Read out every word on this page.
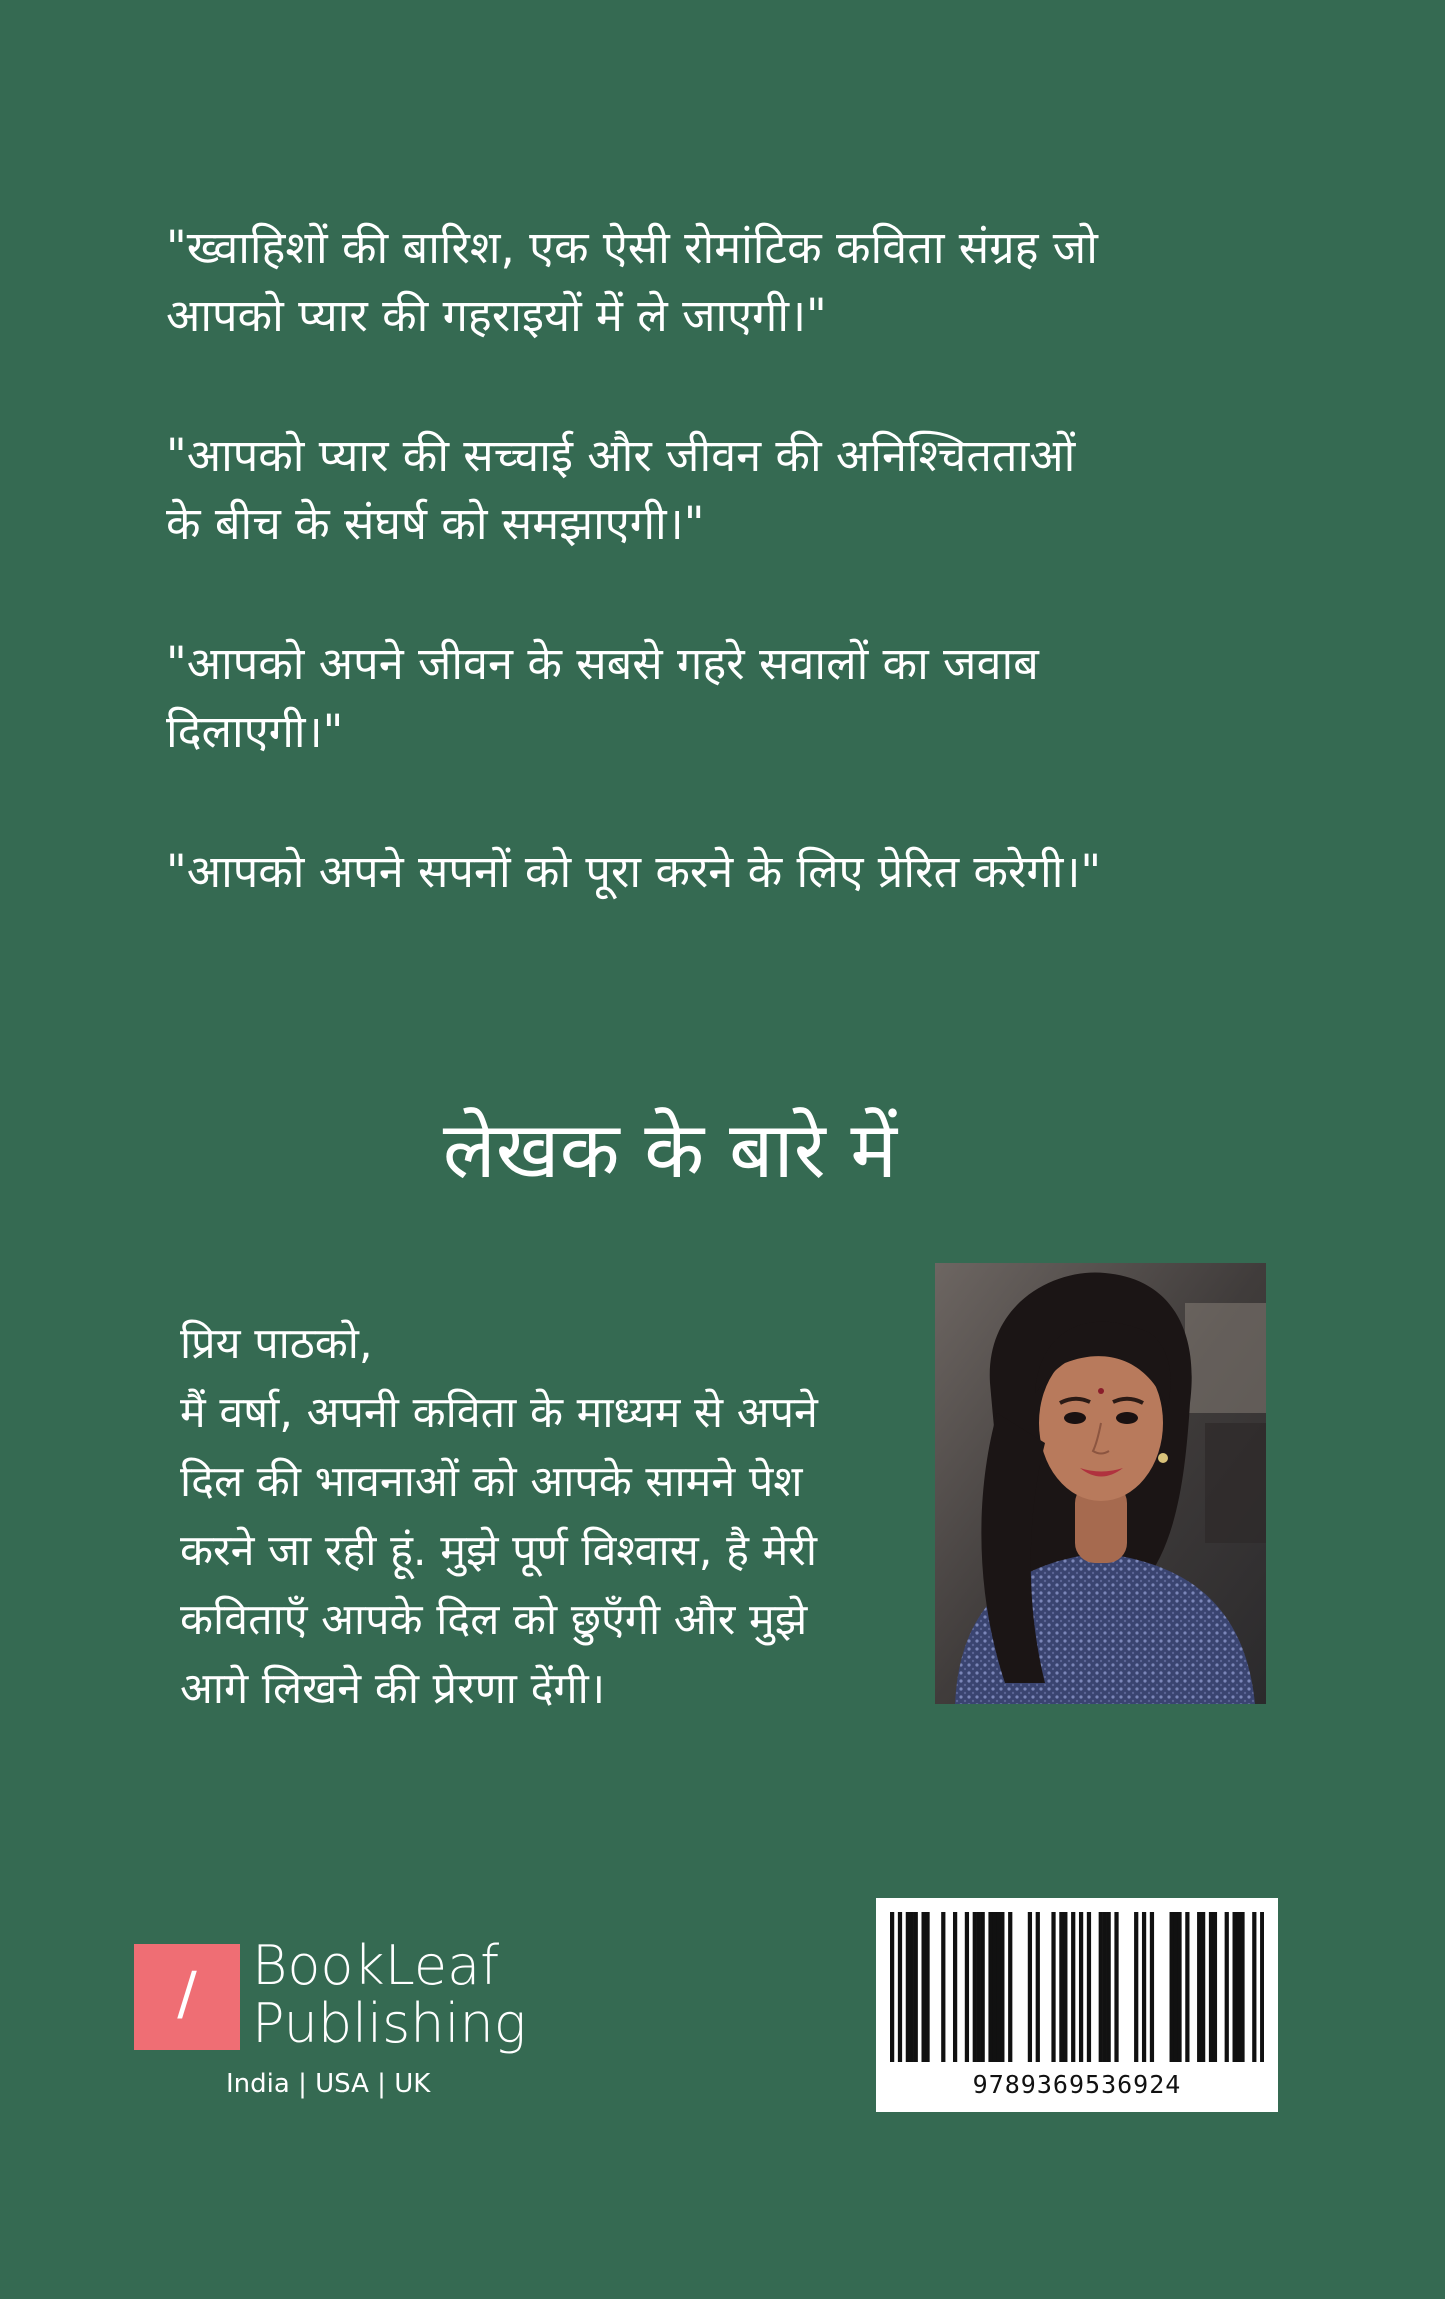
"ख्वाहिशों की बारिश, एक ऐसी रोमांटिक कविता संग्रह जो
आपको प्यार की गहराइयों में ले जाएगी।"

"आपको प्यार की सच्चाई और जीवन की अनिश्चितताओं
के बीच के संघर्ष को समझाएगी।"

"आपको अपने जीवन के सबसे गहरे सवालों का जवाब
दिलाएगी।"

"आपको अपने सपनों को पूरा करने के लिए प्रेरित करेगी।"

लेखक के बारे में
प्रिय पाठको,
मैं वर्षा, अपनी कविता के माध्यम से अपने
दिल की भावनाओं को आपके सामने पेश
करने जा रही हूं. मुझे पूर्ण विश्वास, है मेरी
कविताएँ आपके दिल को छुएँगी और मुझे
आगे लिखने की प्रेरणा देंगी।
/	BookLeaf
Publishing
India | USA | UK	9789369536924
